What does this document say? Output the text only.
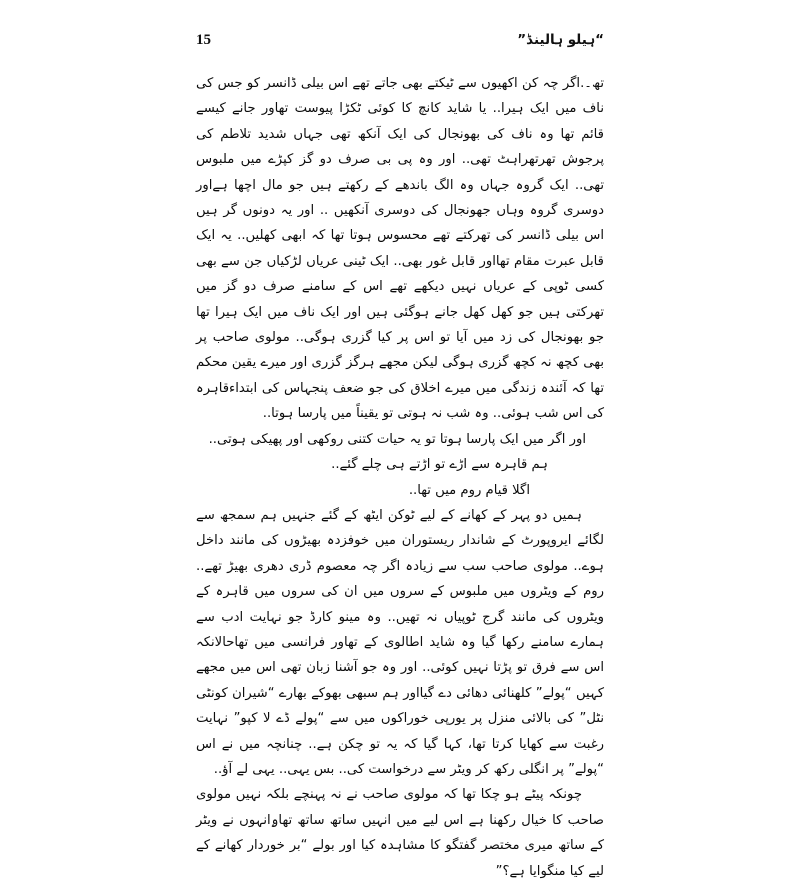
“ہیلو ہالینڈ”
15

تھ۔.اگر چہ کن اکھیوں سے ٹیکتے بھی جاتے تھے اس بیلی ڈانسر کو جس کی ناف میں ایک ہیرا.. یا شاید کانچ کا کوئی ٹکڑا پیوست تھاور جانے کیسے قائم تھا وہ ناف کی بھونجال کی ایک آنکھ تھی جہاں شدید تلاطم کی پرجوش تھرتھراہٹ تھی.. اور وہ پی بی صرف دو گز کپڑے میں ملبوس تھی.. ایک گروہ جہاں وہ الگ باندھے کے رکھتے ہیں جو مال اچھا ہےاور دوسری گروہ وہاں جھونجال کی دوسری آنکھیں .. اور یہ دونوں گر ہیں اس بیلی ڈانسر کی تھرکتے تھے محسوس ہوتا تھا کہ ابھی کھلیں.. یہ ایک قابل عبرت مقام تھااور قابل غور بھی.. ایک ٹینی عریاں لڑکیاں جن سے بھی کسی ٹوپی کے عریاں نہیں دیکھے تھے اس کے سامنے صرف دو گز میں تھرکتی ہیں جو کھل کھل جانے ہوگئی ہیں اور ایک ناف میں ایک ہیرا تھا جو بھونجال کی زد میں آیا تو اس پر کیا گزری ہوگی.. مولوی صاحب پر بھی کچھ نہ کچھ گزری ہوگی لیکن مجھے ہرگز گزری اور میرے یقین محکم تھا کہ آئندہ زندگی میں میرے اخلاق کی جو ضعف پنجہاس کی ابتداءقاہرہ کی اس شب ہوئی.. وہ شب نہ ہوتی تو یقیناً میں پارسا ہوتا..

اور اگر میں ایک پارسا ہوتا تو یہ حیات کتنی روکھی اور پھیکی ہوتی..

ہم قاہرہ سے اڑے تو اڑتے ہی چلے گئے..

اگلا قیام روم میں تھا..

ہمیں دو پہر کے کھانے کے لیے ٹوکن ایٹھ کے گئے جنہیں ہم سمجھ سے لگائے ایروپورٹ کے شاندار ریستوران میں خوفزدہ بھیڑوں کی مانند داخل ہوے.. مولوی صاحب سب سے زیادہ اگر چہ معصوم ڈری دھری بھیڑ تھے.. روم کے ویٹروں میں ملبوس کے سروں میں ان کی سروں میں قاہرہ کے ویٹروں کی مانند گرج ٹوپیاں نہ تھیں.. وہ مینو کارڈ جو نہایت ادب سے ہمارے سامنے رکھا گیا وہ شاید اطالوی کے تھاور فرانسی میں تھاحالانکہ اس سے فرق تو پڑتا نہیں کوئی.. اور وہ جو آشنا زبان تھی اس میں مجھے کہیں “پولے” کلھنائی دھائی دے گیااور ہم سبھی بھوکے بھارے “شیران کونٹی نٹل” کی بالائی منزل پر یورپی خوراکوں میں سے “پولے ڈے لا کپو” نہایت رغبت سے کھایا کرتا تھا، کہا گیا کہ یہ تو چکن ہے.. چنانچہ میں نے اس “پولے” پر انگلی رکھ کر ویٹر سے درخواست کی.. بس یہی.. یہی لے آؤ..

چونکہ پیٹے ہو چکا تھا کہ مولوی صاحب نے نہ پہنچے بلکہ نہیں مولوی صاحب کا خیال رکھنا ہے اس لیے میں انہیں ساتھ ساتھ تھاۄانہوں نے ویٹر کے ساتھ میری مختصر گفتگو کا مشاہدہ کیا اور بولے “بر خوردار کھانے کے لیے کیا منگوایا ہے؟”
